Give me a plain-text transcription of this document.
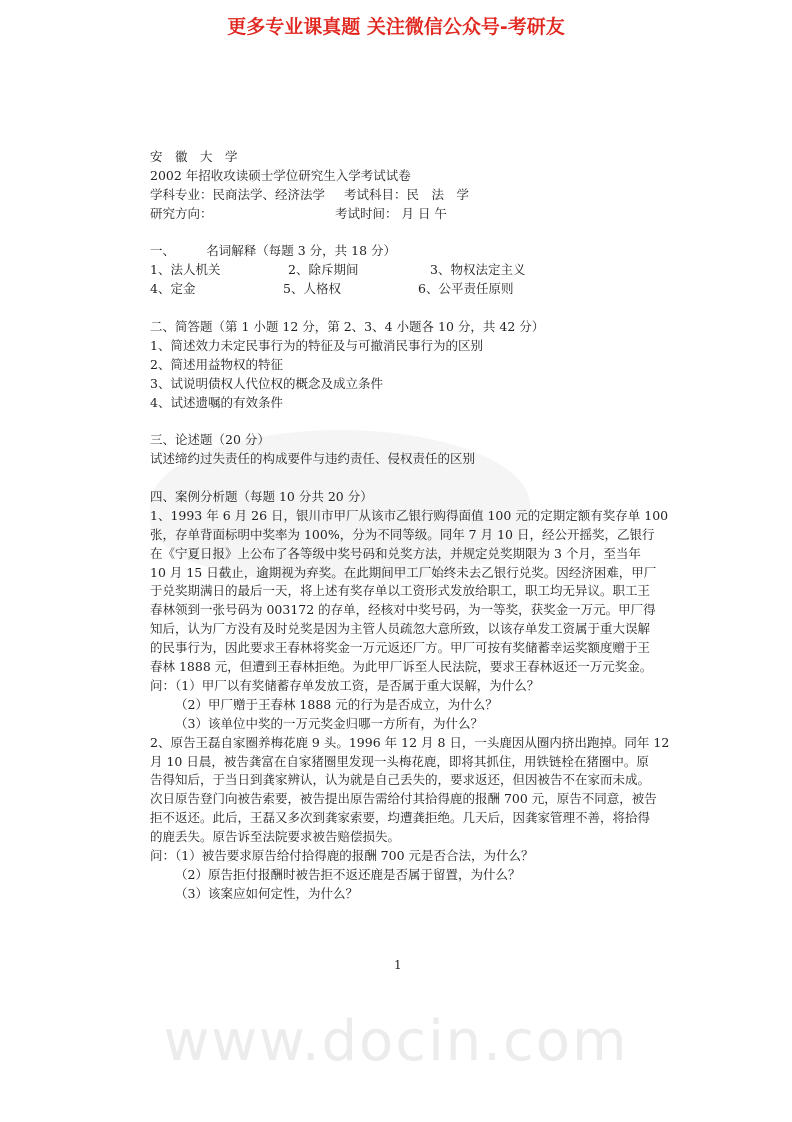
更多专业课真题 关注微信公众号-考研友
www.docin.com
安　徽　大　学
2002 年招收攻读硕士学位研究生入学考试试卷
学科专业：民商法学、经济法学 考试科目：民　法　学
研究方向：	考试时间： 月 日 午
一、　　　名词解释（每题 3 分，共 18 分）
1、法人机关	2、除斥期间	3、物权法定主义
4、定金	5、人格权	6、公平责任原则
二、简答题（第 1 小题 12 分，第 2、3、4 小题各 10 分，共 42 分）
1、简述效力未定民事行为的特征及与可撤消民事行为的区别
2、简述用益物权的特征
3、试说明债权人代位权的概念及成立条件
4、试述遗嘱的有效条件
三、论述题（20 分）
试述缔约过失责任的构成要件与违约责任、侵权责任的区别
四、案例分析题（每题 10 分共 20 分）
1、1993 年 6 月 26 日，银川市甲厂从该市乙银行购得面值 100 元的定期定额有奖存单 100
张，存单背面标明中奖率为 100%，分为不同等级。同年 7 月 10 日，经公开摇奖，乙银行
在《宁夏日报》上公布了各等级中奖号码和兑奖方法，并规定兑奖期限为 3 个月，至当年
10 月 15 日截止，逾期视为弃奖。在此期间甲工厂始终未去乙银行兑奖。因经济困难，甲厂
于兑奖期满日的最后一天，将上述有奖存单以工资形式发放给职工，职工均无异议。职工王
春林领到一张号码为 003172 的存单，经核对中奖号码，为一等奖，获奖金一万元。甲厂得
知后，认为厂方没有及时兑奖是因为主管人员疏忽大意所致，以该存单发工资属于重大误解
的民事行为，因此要求王春林将奖金一万元返还厂方。甲厂可按有奖储蓄幸运奖额度赠于王
春林 1888 元，但遭到王春林拒绝。为此甲厂诉至人民法院，要求王春林返还一万元奖金。
问：（1）甲厂以有奖储蓄存单发放工资，是否属于重大误解，为什么？
（2）甲厂赠于王春林 1888 元的行为是否成立，为什么？
（3）该单位中奖的一万元奖金归哪一方所有，为什么？
2、原告王磊自家圈养梅花鹿 9 头。1996 年 12 月 8 日，一头鹿因从圈内挤出跑掉。同年 12
月 10 日晨，被告龚富在自家猪圈里发现一头梅花鹿，即将其抓住，用铁链栓在猪圈中。原
告得知后，于当日到龚家辨认，认为就是自己丢失的，要求返还，但因被告不在家而未成。
次日原告登门向被告索要，被告提出原告需给付其拾得鹿的报酬 700 元，原告不同意，被告
拒不返还。此后，王磊又多次到龚家索要，均遭龚拒绝。几天后，因龚家管理不善，将拾得
的鹿丢失。原告诉至法院要求被告赔偿损失。
问：（1）被告要求原告给付拾得鹿的报酬 700 元是否合法，为什么？
（2）原告拒付报酬时被告拒不返还鹿是否属于留置，为什么？
（3）该案应如何定性，为什么？
1
